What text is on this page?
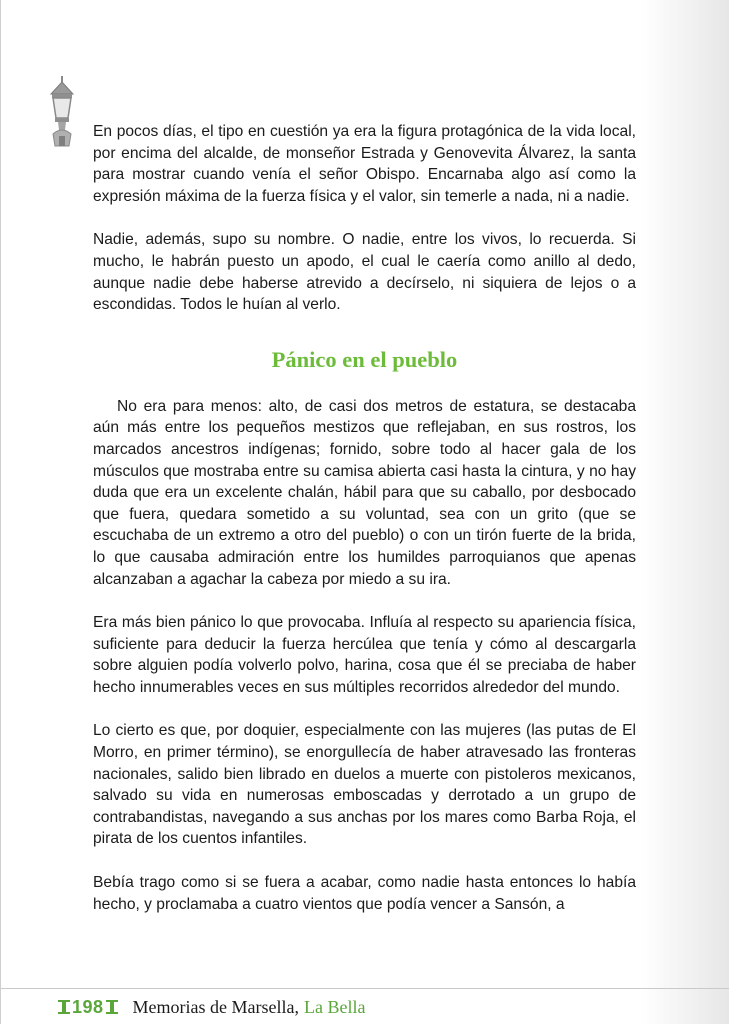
En pocos días, el tipo en cuestión ya era la figura protagónica de la vida local, por encima del alcalde, de monseñor Estrada y Genovevita Álvarez, la santa para mostrar cuando venía el señor Obispo. Encarnaba algo así como la expresión máxima de la fuerza física y el valor, sin temerle a nada, ni a nadie.

Nadie, además, supo su nombre. O nadie, entre los vivos, lo recuerda. Si mucho, le habrán puesto un apodo, el cual le caería como anillo al dedo, aunque nadie debe haberse atrevido a decírselo, ni siquiera de lejos o a escondidas. Todos le huían al verlo.

Pánico en el pueblo

No era para menos: alto, de casi dos metros de estatura, se destacaba aún más entre los pequeños mestizos que reflejaban, en sus rostros, los marcados ancestros indígenas; fornido, sobre todo al hacer gala de los músculos que mostraba entre su camisa abierta casi hasta la cintura, y no hay duda que era un excelente chalán, hábil para que su caballo, por desbocado que fuera, quedara sometido a su voluntad, sea con un grito (que se escuchaba de un extremo a otro del pueblo) o con un tirón fuerte de la brida, lo que causaba admiración entre los humildes parroquianos que apenas alcanzaban a agachar la cabeza por miedo a su ira.

Era más bien pánico lo que provocaba. Influía al respecto su apariencia física, suficiente para deducir la fuerza hercúlea que tenía y cómo al descargarla sobre alguien podía volverlo polvo, harina, cosa que él se preciaba de haber hecho innumerables veces en sus múltiples recorridos alrededor del mundo.

Lo cierto es que, por doquier, especialmente con las mujeres (las putas de El Morro, en primer término), se enorgullecía de haber atravesado las fronteras nacionales, salido bien librado en duelos a muerte con pistoleros mexicanos, salvado su vida en numerosas emboscadas y derrotado a un grupo de contrabandistas, navegando a sus anchas por los mares como Barba Roja, el pirata de los cuentos infantiles.

Bebía trago como si se fuera a acabar, como nadie hasta entonces lo había hecho, y proclamaba a cuatro vientos que podía vencer a Sansón, a

198 Memorias de Marsella, La Bella
